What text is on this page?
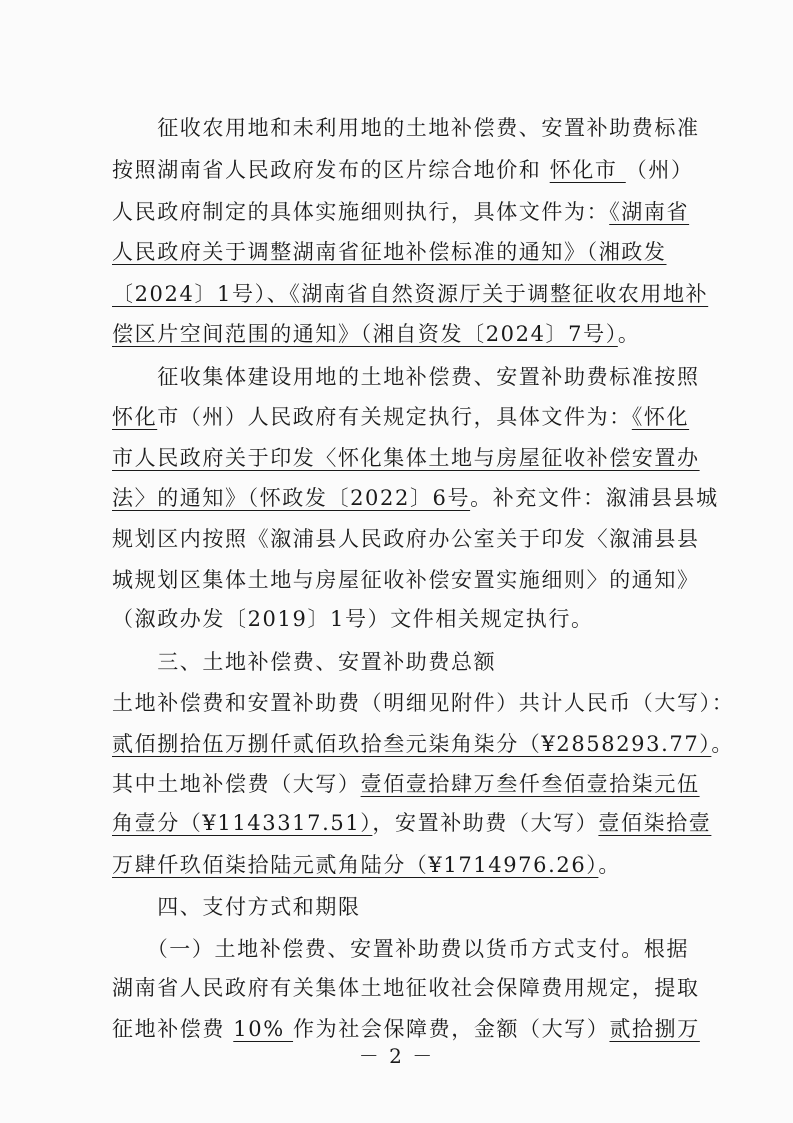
　　征收农用地和未利用地的土地补偿费、安置补助费标准
按照湖南省人民政府发布的区片综合地价和 怀化市 （州）
人民政府制定的具体实施细则执行，具体文件为：《湖南省
人民政府关于调整湖南省征地补偿标准的通知》（湘政发
〔2024〕1号）、《湖南省自然资源厅关于调整征收农用地补
偿区片空间范围的通知》（湘自资发〔2024〕7号）。
　　征收集体建设用地的土地补偿费、安置补助费标准按照
怀化市（州）人民政府有关规定执行，具体文件为：《怀化
市人民政府关于印发〈怀化集体土地与房屋征收补偿安置办
法〉的通知》（怀政发〔2022〕6号。补充文件：溆浦县县城
规划区内按照《溆浦县人民政府办公室关于印发〈溆浦县县
城规划区集体土地与房屋征收补偿安置实施细则〉的通知》
（溆政办发〔2019〕1号）文件相关规定执行。
　　三、土地补偿费、安置补助费总额
土地补偿费和安置补助费（明细见附件）共计人民币（大写）：
贰佰捌拾伍万捌仟贰佰玖拾叁元柒角柒分（¥2858293.77）。
其中土地补偿费（大写）壹佰壹拾肆万叁仟叁佰壹拾柒元伍
角壹分（¥1143317.51），安置补助费（大写）壹佰柒拾壹
万肆仟玖佰柒拾陆元贰角陆分（¥1714976.26）。
　　四、支付方式和期限
　　（一）土地补偿费、安置补助费以货币方式支付。根据
湖南省人民政府有关集体土地征收社会保障费用规定，提取
征地补偿费 10% 作为社会保障费，金额（大写）贰拾捌万
－ 2 －
